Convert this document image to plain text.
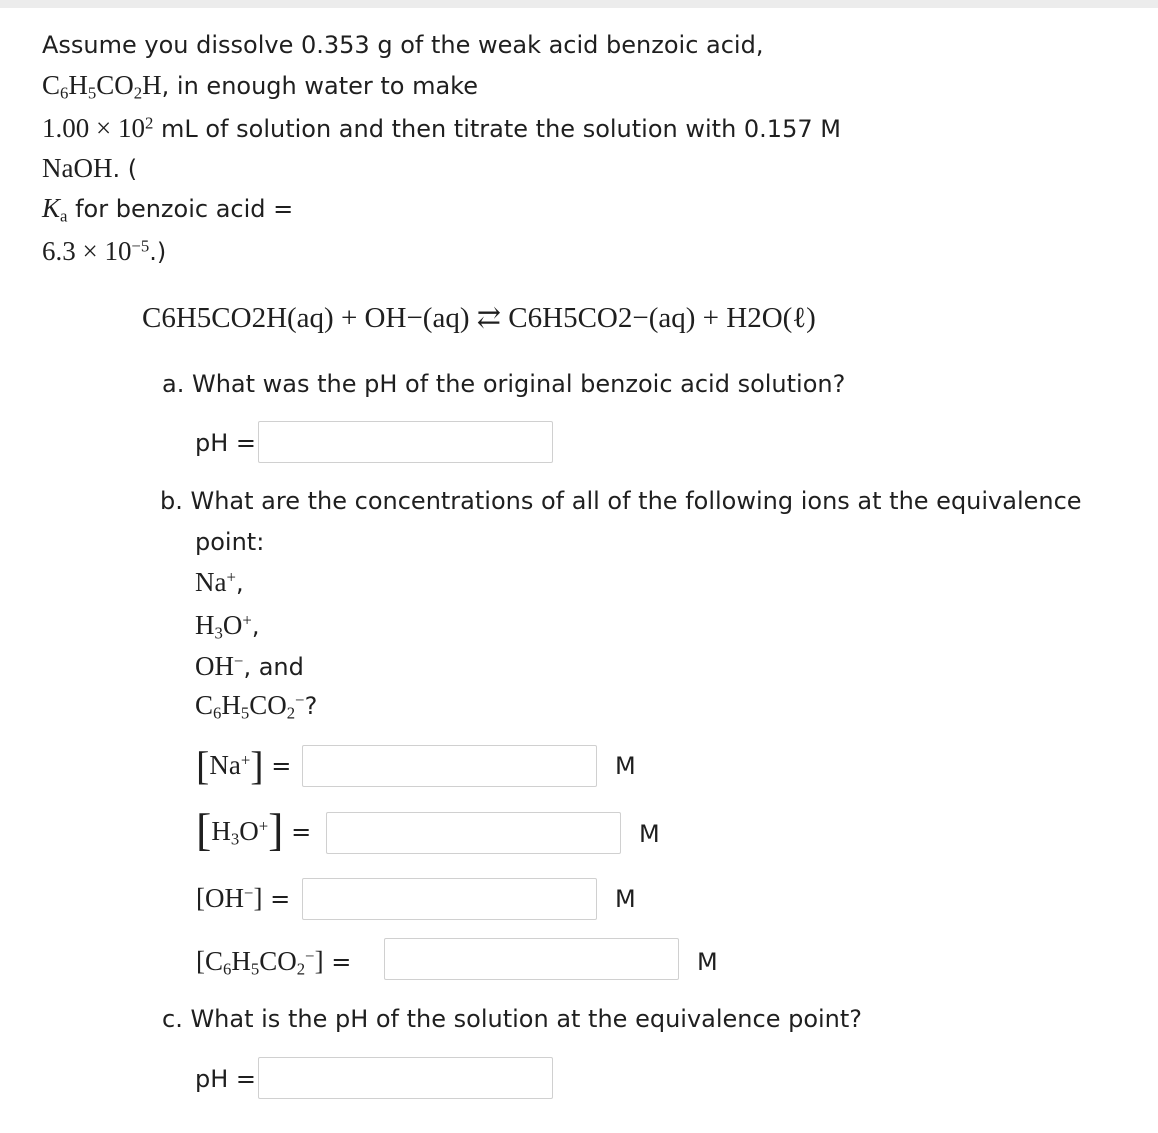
Assume you dissolve 0.353 g of the weak acid benzoic acid,
$C_6H_5CO_2H$, in enough water to make
$1.00 \times 10^2$ mL of solution and then titrate the solution with 0.157 M
NaOH. (
$K_a$ for benzoic acid =
$6.3 \times 10^{-5}$.)
C6H5CO2H(aq) + OH−(aq) ⇄ C6H5CO2−(aq) + H2O(ℓ)
a. What was the pH of the original benzoic acid solution?
pH =
b. What are the concentrations of all of the following ions at the equivalence
point:
Na+,
$H_3O^+$,
OH−, and
$C_6H_5CO_2^-$?
[Na+] =	M
$[H_3O^+]$ =	M
[OH−] =	M
$[C_6H_5CO_2^-]$ =	M
c. What is the pH of the solution at the equivalence point?
pH =
